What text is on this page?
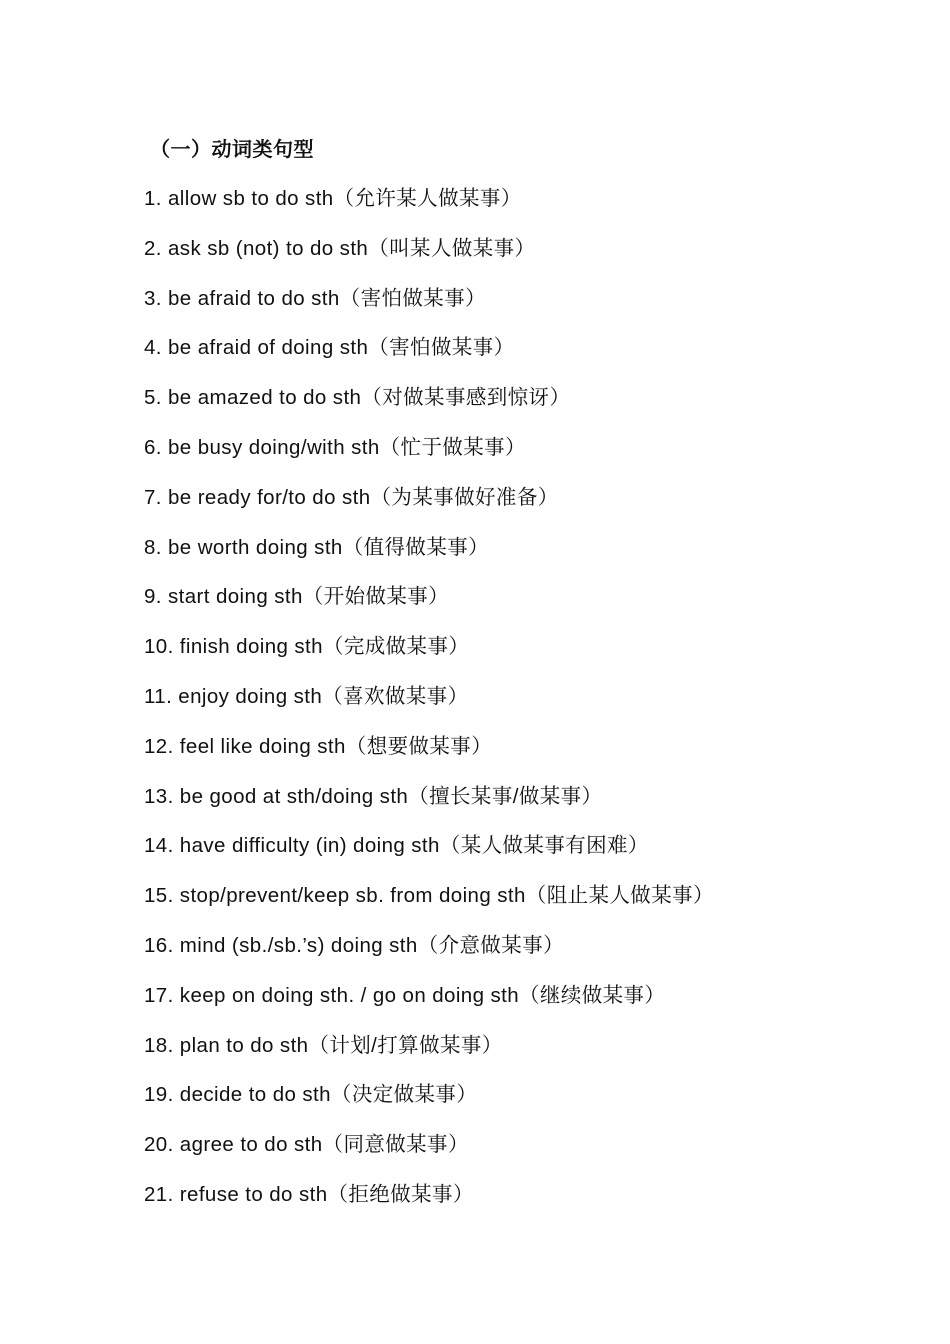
（一）动词类句型
1. allow sb to do sth（允许某人做某事）
2. ask sb (not) to do sth（叫某人做某事）
3. be afraid to do sth（害怕做某事）
4. be afraid of doing sth（害怕做某事）
5. be amazed to do sth（对做某事感到惊讶）
6. be busy doing/with sth（忙于做某事）
7. be ready for/to do sth（为某事做好准备）
8. be worth doing sth（值得做某事）
9. start doing sth（开始做某事）
10. finish doing sth（完成做某事）
11. enjoy doing sth（喜欢做某事）
12. feel like doing sth（想要做某事）
13. be good at sth/doing sth（擅长某事/做某事）
14. have difficulty (in) doing sth（某人做某事有困难）
15. stop/prevent/keep sb. from doing sth（阻止某人做某事）
16. mind (sb./sb.’s) doing sth（介意做某事）
17. keep on doing sth. / go on doing sth（继续做某事）
18. plan to do sth（计划/打算做某事）
19. decide to do sth（决定做某事）
20. agree to do sth（同意做某事）
21. refuse to do sth（拒绝做某事）
